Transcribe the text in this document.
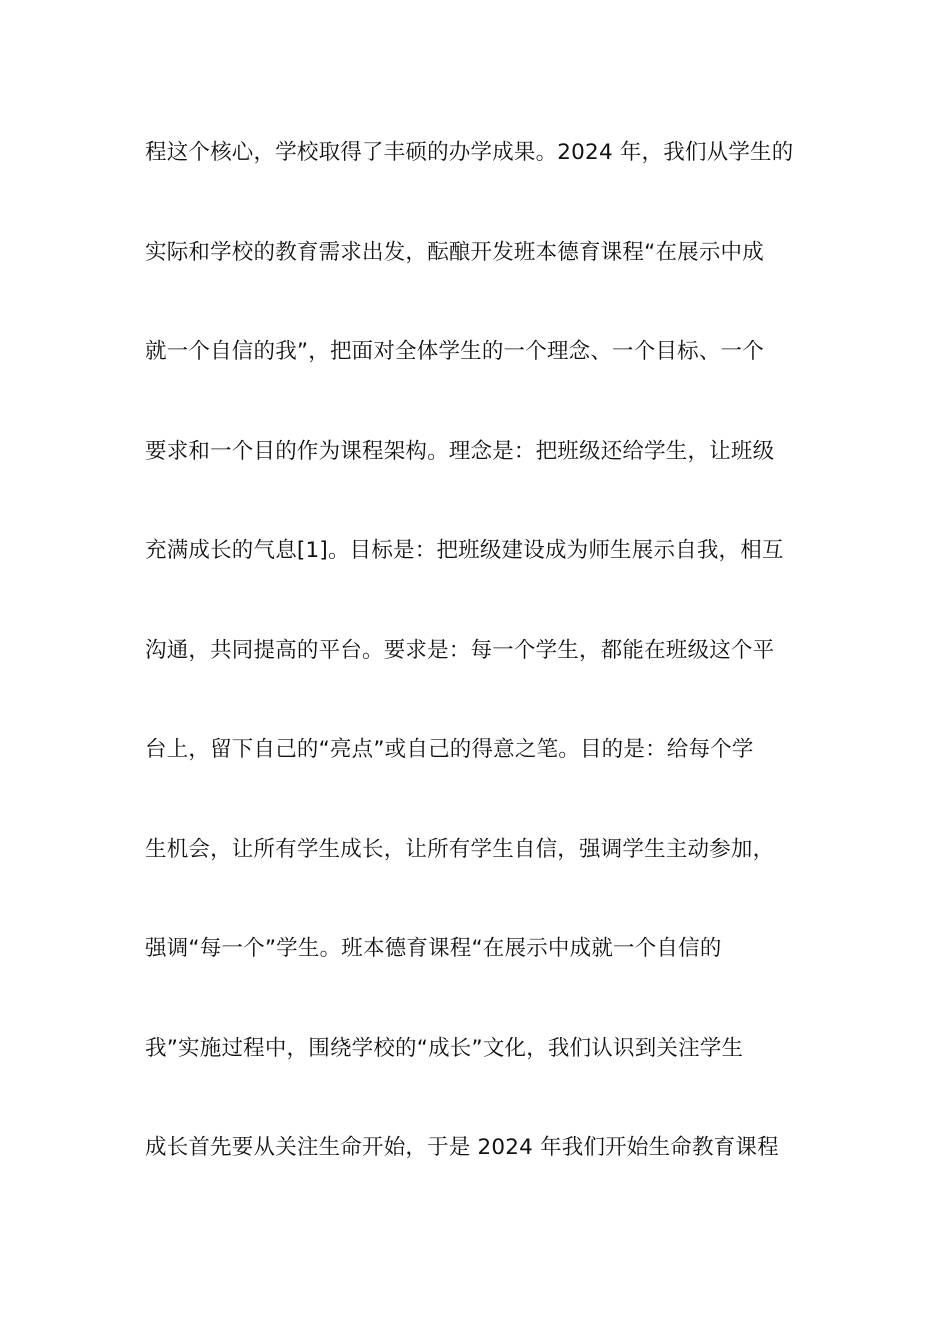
程这个核心，学校取得了丰硕的办学成果。2024 年，我们从学生的
实际和学校的教育需求出发，酝酿开发班本德育课程“在展示中成
就一个自信的我”，把面对全体学生的一个理念、一个目标、一个
要求和一个目的作为课程架构。理念是：把班级还给学生，让班级
充满成长的气息[1]。目标是：把班级建设成为师生展示自我，相互
沟通，共同提高的平台。要求是：每一个学生，都能在班级这个平
台上，留下自己的“亮点”或自己的得意之笔。目的是：给每个学
生机会，让所有学生成长，让所有学生自信，强调学生主动参加，
强调“每一个”学生。班本德育课程“在展示中成就一个自信的
我”实施过程中，围绕学校的“成长”文化，我们认识到关注学生
成长首先要从关注生命开始，于是 2024 年我们开始生命教育课程
